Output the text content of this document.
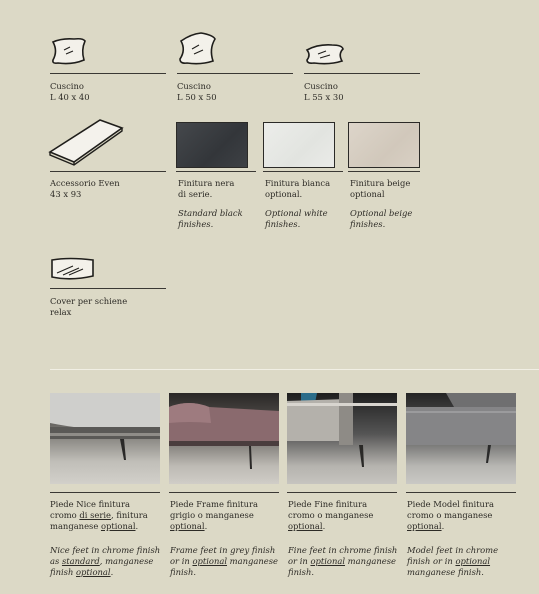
Cuscino
L 40 x 40
Cuscino
L 50 x 50
Cuscino
L 55 x 30
Accessorio Even
43 x 93
Finitura nera
di serie.
Standard black
finishes.
Finitura bianca
optional.
Optional white
finishes.
Finitura beige
optional
Optional beige
finishes.
Cover per schiene
relax
Piede Nice finitura
cromo di serie, finitura
manganese optional.
Nice feet in chrome finish
as standard, manganese
finish optional.
Piede Frame finitura
grigio o manganese
optional.
Frame feet in grey finish
or in optional manganese
finish.
Piede Fine finitura
cromo o manganese
optional.
Fine feet in chrome finish
or in optional manganese
finish.
Piede Model finitura
cromo o manganese
optional.
Model feet in chrome
finish or in optional
manganese finish.
